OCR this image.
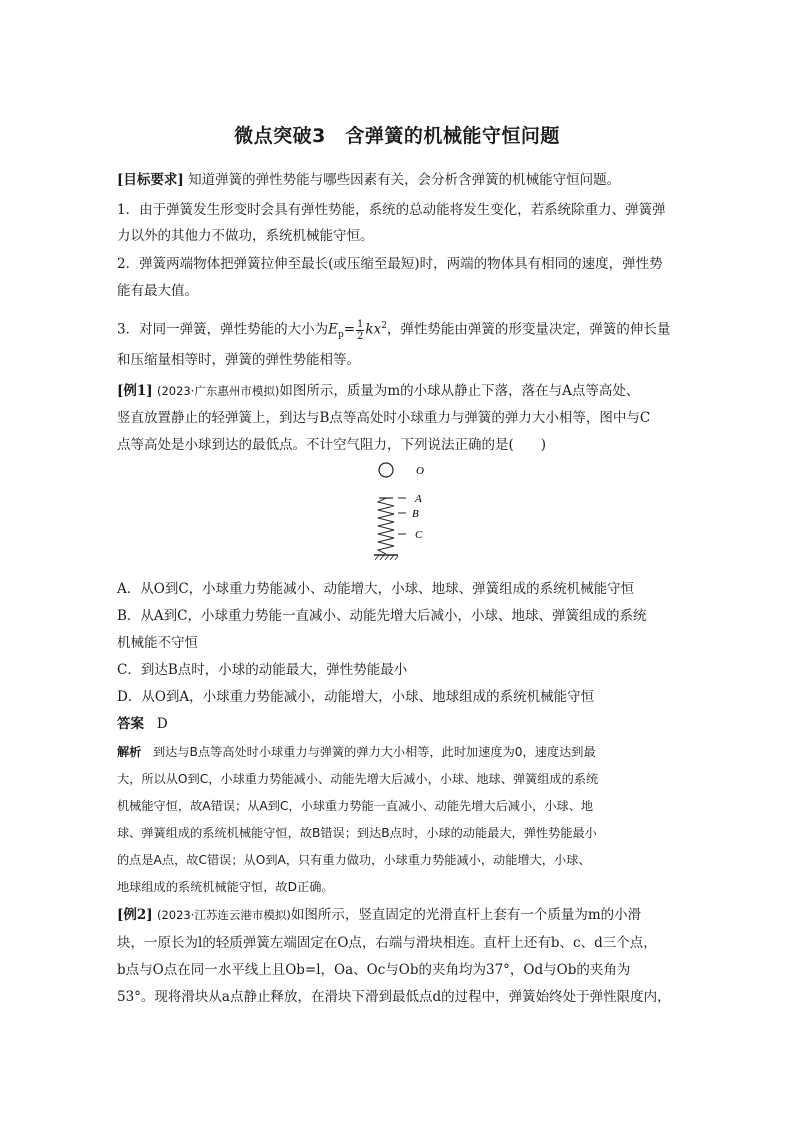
微点突破3　含弹簧的机械能守恒问题
[目标要求] 知道弹簧的弹性势能与哪些因素有关，会分析含弹簧的机械能守恒问题。
1．由于弹簧发生形变时会具有弹性势能，系统的总动能将发生变化，若系统除重力、弹簧弹
力以外的其他力不做功，系统机械能守恒。
2．弹簧两端物体把弹簧拉伸至最长(或压缩至最短)时，两端的物体具有相同的速度，弹性势
能有最大值。
3．对同一弹簧，弹性势能的大小为$E_p= \frac{1}{2} kx^2$，弹性势能由弹簧的形变量决定，弹簧的伸长量
和压缩量相等时，弹簧的弹性势能相等。
[例1] (2023·广东惠州市模拟)如图所示，质量为m的小球从静止下落，落在与A点等高处、
竖直放置静止的轻弹簧上，到达与B点等高处时小球重力与弹簧的弹力大小相等，图中与C
点等高处是小球到达的最低点。不计空气阻力，下列说法正确的是(　　)
O
A
B
C
A．从O到C，小球重力势能减小、动能增大，小球、地球、弹簧组成的系统机械能守恒
B．从A到C，小球重力势能一直减小、动能先增大后减小，小球、地球、弹簧组成的系统
机械能不守恒
C．到达B点时，小球的动能最大，弹性势能最小
D．从O到A，小球重力势能减小，动能增大，小球、地球组成的系统机械能守恒
答案 D
解析 到达与B点等高处时小球重力与弹簧的弹力大小相等，此时加速度为0，速度达到最
大，所以从O到C，小球重力势能减小、动能先增大后减小，小球、地球、弹簧组成的系统
机械能守恒，故A错误；从A到C，小球重力势能一直减小、动能先增大后减小，小球、地
球、弹簧组成的系统机械能守恒，故B错误；到达B点时，小球的动能最大，弹性势能最小
的点是A点，故C错误；从O到A，只有重力做功，小球重力势能减小，动能增大，小球、
地球组成的系统机械能守恒，故D正确。
[例2] (2023·江苏连云港市模拟)如图所示，竖直固定的光滑直杆上套有一个质量为m的小滑
块，一原长为l的轻质弹簧左端固定在O点，右端与滑块相连。直杆上还有b、c、d三个点，
b点与O点在同一水平线上且Ob=l，Oa、Oc与Ob的夹角均为37°，Od与Ob的夹角为
53°。现将滑块从a点静止释放，在滑块下滑到最低点d的过程中，弹簧始终处于弹性限度内，
